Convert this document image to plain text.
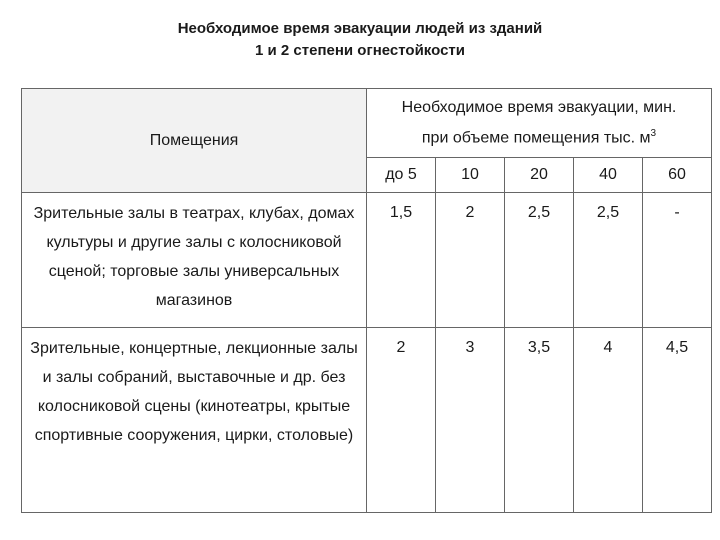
Необходимое время эвакуации людей из зданий
1 и 2 степени огнестойкости
Помещения	Необходимое время эвакуации, мин.
при объеме помещения тыс. $м^3$
	до 5	10	20	40	60
Зрительные залы в театрах, клубах, домах культуры и другие залы с колосниковой сценой; торговые залы универсальных магазинов	1,5	2	2,5	2,5	-
Зрительные, концертные, лекционные залы и залы собраний, выставочные и др. без колосниковой сцены (кинотеатры, крытые спортивные сооружения, цирки, столовые)	2	3	3,5	4	4,5
